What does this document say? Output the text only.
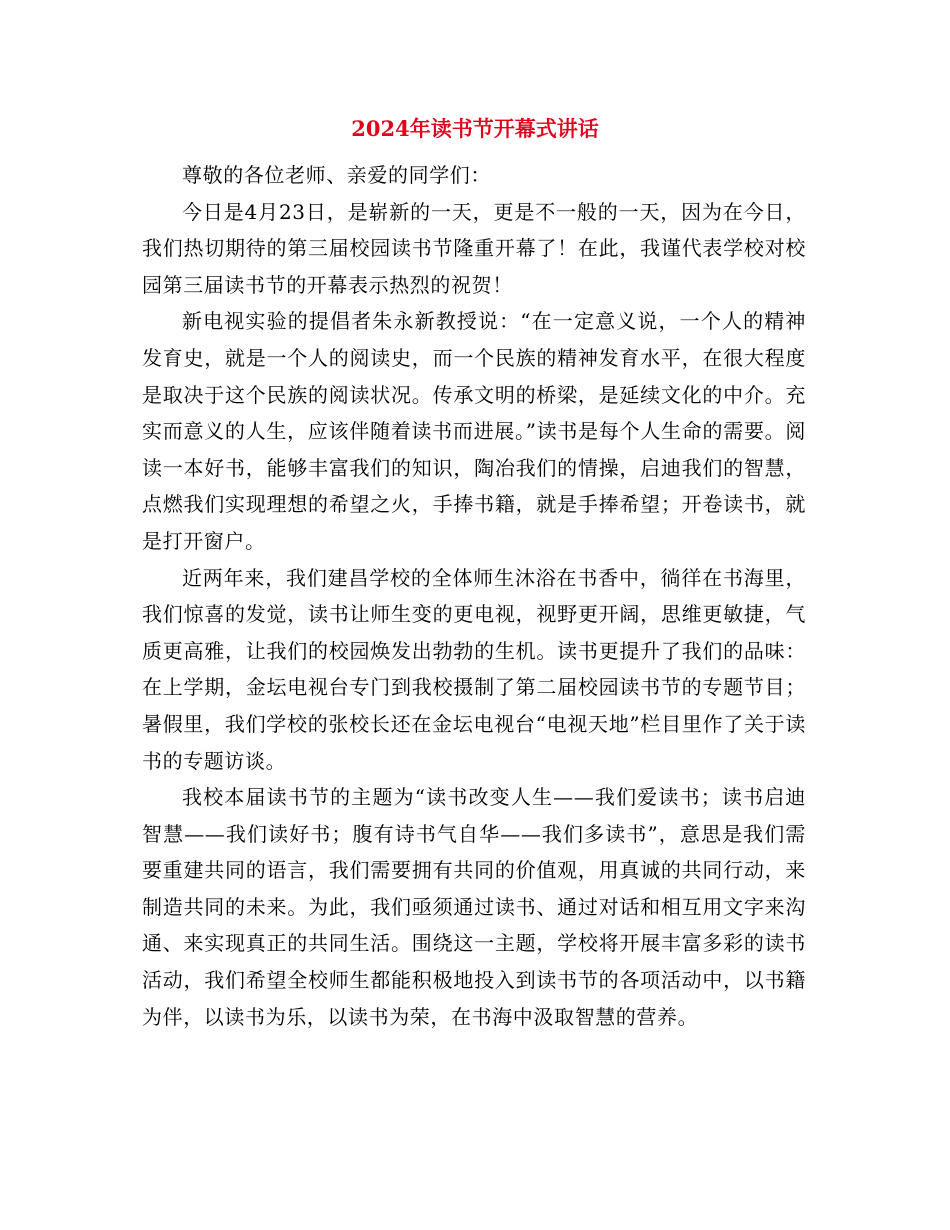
2024年读书节开幕式讲话

尊敬的各位老师、亲爱的同学们：

今日是4月23日，是崭新的一天，更是不一般的一天，因为在今日，我们热切期待的第三届校园读书节隆重开幕了！在此，我谨代表学校对校园第三届读书节的开幕表示热烈的祝贺！

新电视实验的提倡者朱永新教授说：“在一定意义说，一个人的精神发育史，就是一个人的阅读史，而一个民族的精神发育水平，在很大程度是取决于这个民族的阅读状况。传承文明的桥梁，是延续文化的中介。充实而意义的人生，应该伴随着读书而进展。”读书是每个人生命的需要。阅读一本好书，能够丰富我们的知识，陶冶我们的情操，启迪我们的智慧，点燃我们实现理想的希望之火，手捧书籍，就是手捧希望；开卷读书，就是打开窗户。

近两年来，我们建昌学校的全体师生沐浴在书香中，徜徉在书海里，我们惊喜的发觉，读书让师生变的更电视，视野更开阔，思维更敏捷，气质更高雅，让我们的校园焕发出勃勃的生机。读书更提升了我们的品味：在上学期，金坛电视台专门到我校摄制了第二届校园读书节的专题节目；暑假里，我们学校的张校长还在金坛电视台“电视天地”栏目里作了关于读书的专题访谈。

我校本届读书节的主题为“读书改变人生——我们爱读书；读书启迪智慧——我们读好书；腹有诗书气自华——我们多读书”，意思是我们需要重建共同的语言，我们需要拥有共同的价值观，用真诚的共同行动，来制造共同的未来。为此，我们亟须通过读书、通过对话和相互用文字来沟通、来实现真正的共同生活。围绕这一主题，学校将开展丰富多彩的读书活动，我们希望全校师生都能积极地投入到读书节的各项活动中，以书籍为伴，以读书为乐，以读书为荣，在书海中汲取智慧的营养。
